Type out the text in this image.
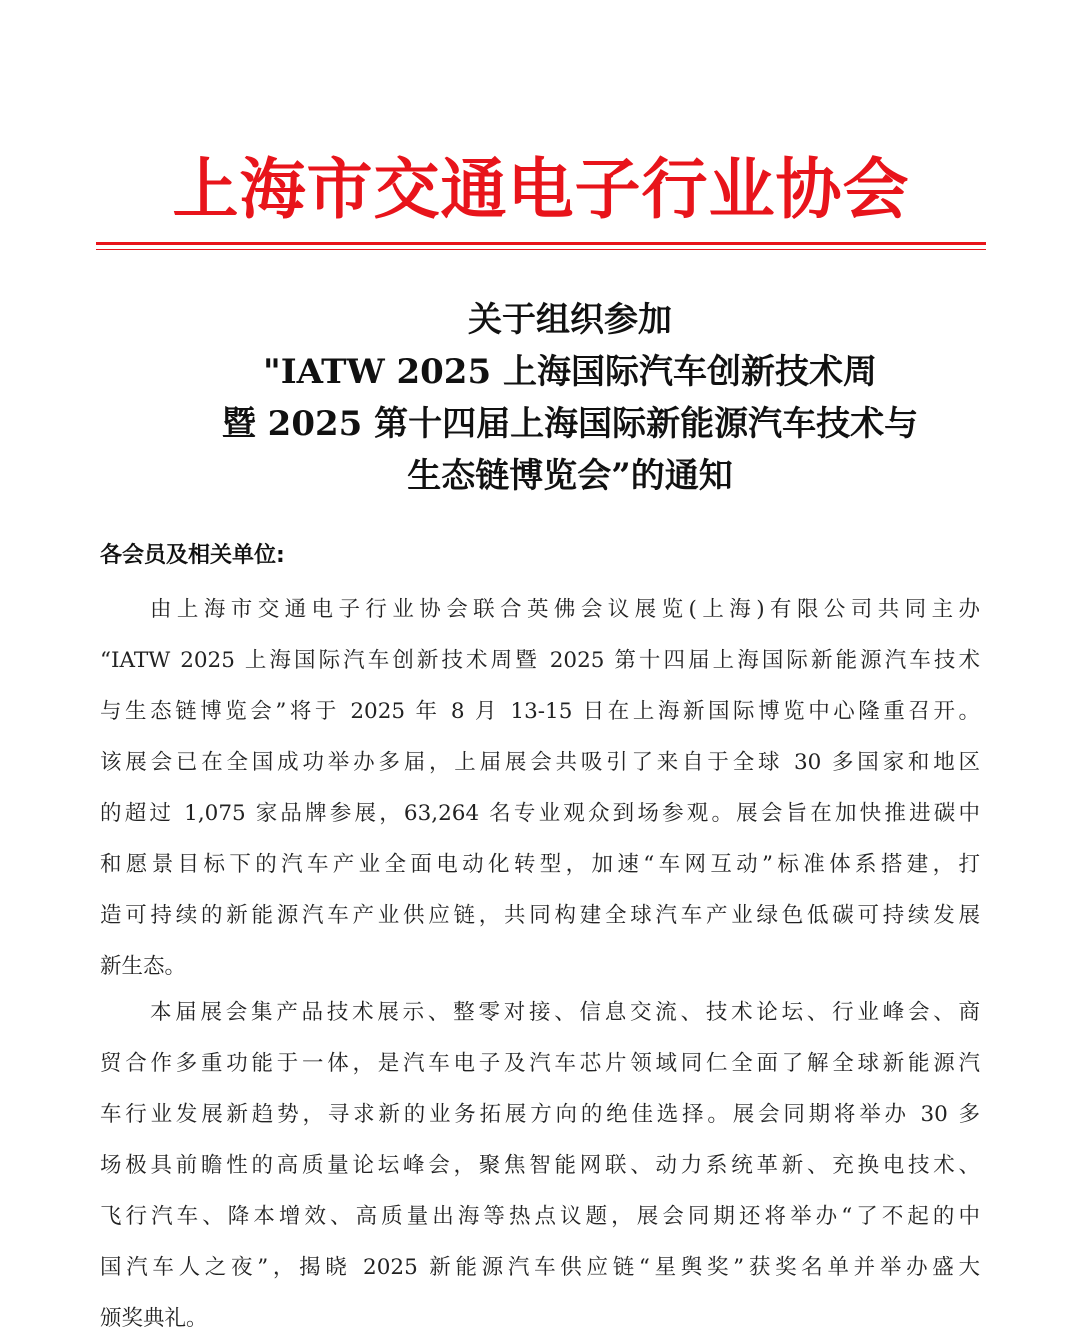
上海市交通电子行业协会
关于组织参加
"IATW 2025 上海国际汽车创新技术周
暨 2025 第十四届上海国际新能源汽车技术与
生态链博览会”的通知
各会员及相关单位:
由上海市交通电子行业协会联合英佛会议展览(上海)有限公司共同主办
“IATW 2025 上海国际汽车创新技术周暨 2025 第十四届上海国际新能源汽车技术
与生态链博览会”将于 2025 年 8 月 13-15 日在上海新国际博览中心隆重召开。
该展会已在全国成功举办多届，上届展会共吸引了来自于全球 30 多国家和地区
的超过 1,075 家品牌参展，63,264 名专业观众到场参观。展会旨在加快推进碳中
和愿景目标下的汽车产业全面电动化转型，加速“车网互动”标准体系搭建，打
造可持续的新能源汽车产业供应链，共同构建全球汽车产业绿色低碳可持续发展
新生态。
本届展会集产品技术展示、整零对接、信息交流、技术论坛、行业峰会、商
贸合作多重功能于一体，是汽车电子及汽车芯片领域同仁全面了解全球新能源汽
车行业发展新趋势，寻求新的业务拓展方向的绝佳选择。展会同期将举办 30 多
场极具前瞻性的高质量论坛峰会，聚焦智能网联、动力系统革新、充换电技术、
飞行汽车、降本增效、高质量出海等热点议题，展会同期还将举办“了不起的中
国汽车人之夜”，揭晓 2025 新能源汽车供应链“星舆奖”获奖名单并举办盛大
颁奖典礼。
